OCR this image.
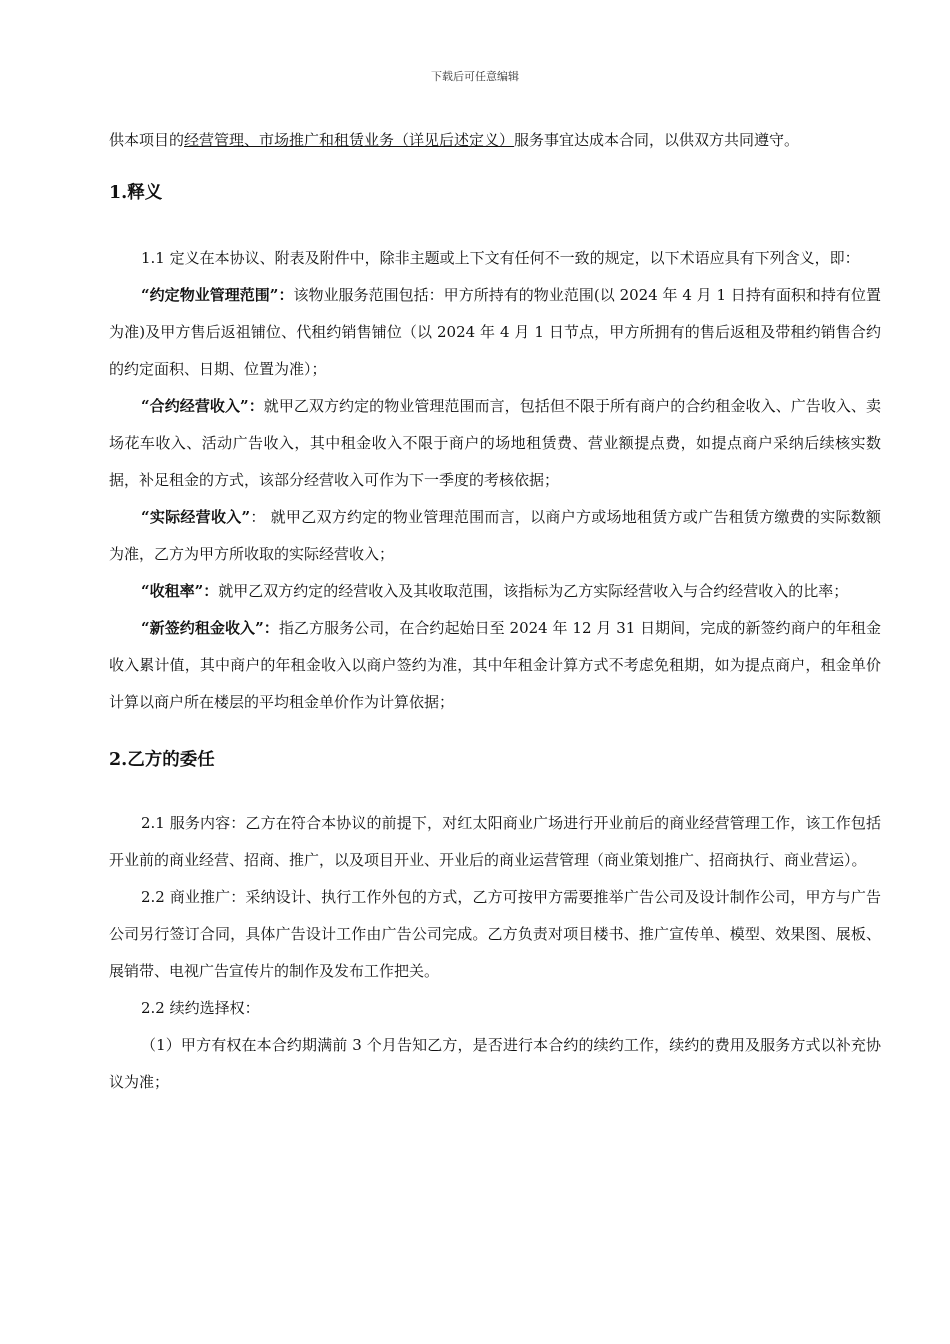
下载后可任意编辑

供本项目的经营管理、市场推广和租赁业务（详见后述定义）服务事宜达成本合同，以供双方共同遵守。

1.释义

1.1 定义在本协议、附表及附件中，除非主题或上下文有任何不一致的规定，以下术语应具有下列含义，即：

“约定物业管理范围”：该物业服务范围包括：甲方所持有的物业范围(以 2024 年 4 月 1 日持有面积和持有位置为准)及甲方售后返祖铺位、代租约销售铺位（以 2024 年 4 月 1 日节点，甲方所拥有的售后返租及带租约销售合约的约定面积、日期、位置为准）；

“合约经营收入”：就甲乙双方约定的物业管理范围而言，包括但不限于所有商户的合约租金收入、广告收入、卖场花车收入、活动广告收入，其中租金收入不限于商户的场地租赁费、营业额提点费，如提点商户采纳后续核实数据，补足租金的方式，该部分经营收入可作为下一季度的考核依据；

“实际经营收入”： 就甲乙双方约定的物业管理范围而言，以商户方或场地租赁方或广告租赁方缴费的实际数额为准，乙方为甲方所收取的实际经营收入；

“收租率”：就甲乙双方约定的经营收入及其收取范围，该指标为乙方实际经营收入与合约经营收入的比率；

“新签约租金收入”：指乙方服务公司，在合约起始日至 2024 年 12 月 31 日期间，完成的新签约商户的年租金收入累计值，其中商户的年租金收入以商户签约为准，其中年租金计算方式不考虑免租期，如为提点商户，租金单价计算以商户所在楼层的平均租金单价作为计算依据；

2.乙方的委任

2.1 服务内容：乙方在符合本协议的前提下，对红太阳商业广场进行开业前后的商业经营管理工作，该工作包括开业前的商业经营、招商、推广，以及项目开业、开业后的商业运营管理（商业策划推广、招商执行、商业营运）。

2.2 商业推广：采纳设计、执行工作外包的方式，乙方可按甲方需要推举广告公司及设计制作公司，甲方与广告公司另行签订合同，具体广告设计工作由广告公司完成。乙方负责对项目楼书、推广宣传单、模型、效果图、展板、展销带、电视广告宣传片的制作及发布工作把关。

2.2 续约选择权：

（1）甲方有权在本合约期满前 3 个月告知乙方，是否进行本合约的续约工作，续约的费用及服务方式以补充协议为准；
